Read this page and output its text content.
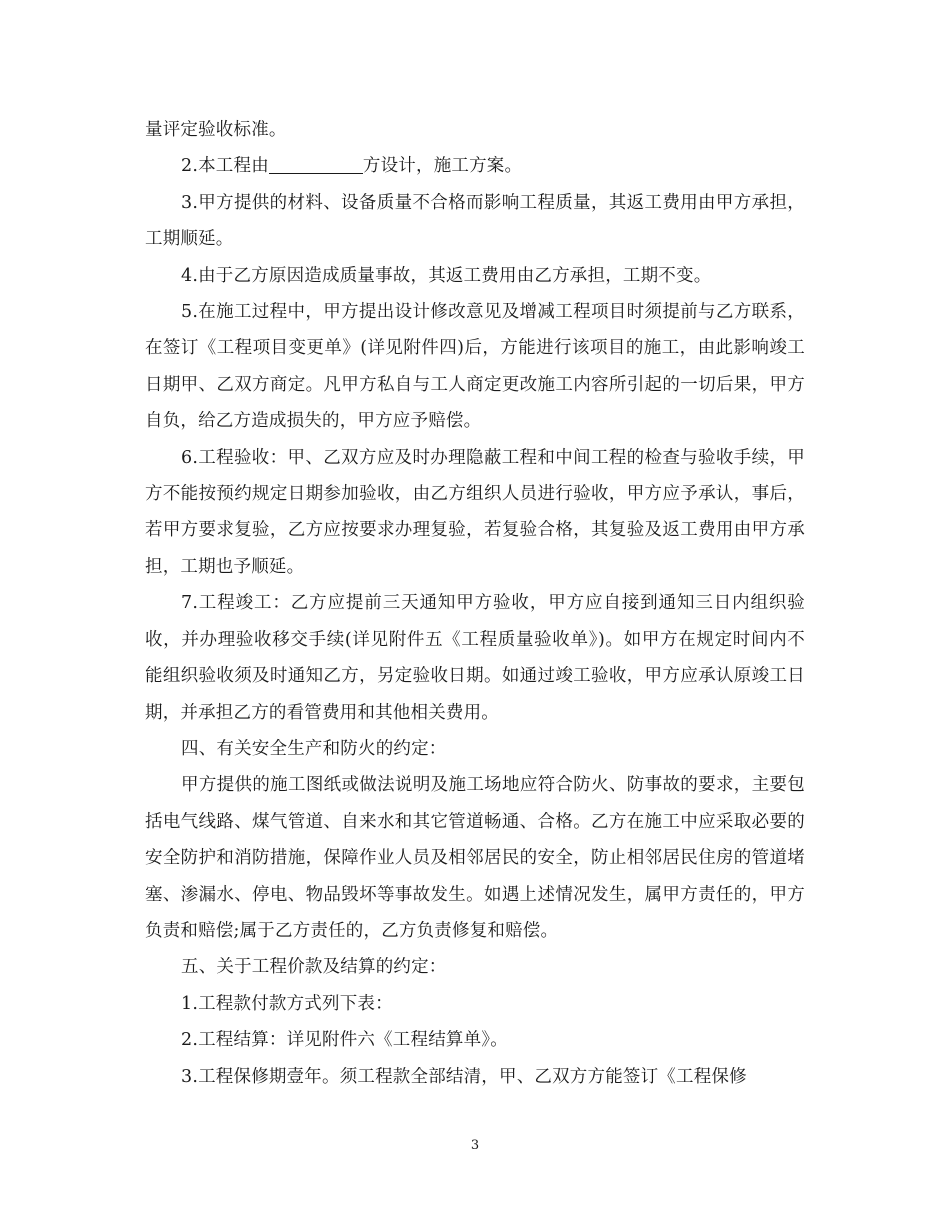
量评定验收标准。

2.本工程由	方设计，施工方案。

3.甲方提供的材料、设备质量不合格而影响工程质量，其返工费用由甲方承担，工期顺延。

4.由于乙方原因造成质量事故，其返工费用由乙方承担，工期不变。

5.在施工过程中，甲方提出设计修改意见及增减工程项目时须提前与乙方联系，在签订《工程项目变更单》(详见附件四)后，方能进行该项目的施工，由此影响竣工日期甲、乙双方商定。凡甲方私自与工人商定更改施工内容所引起的一切后果，甲方自负，给乙方造成损失的，甲方应予赔偿。

6.工程验收：甲、乙双方应及时办理隐蔽工程和中间工程的检查与验收手续，甲方不能按预约规定日期参加验收，由乙方组织人员进行验收，甲方应予承认，事后，若甲方要求复验，乙方应按要求办理复验，若复验合格，其复验及返工费用由甲方承担，工期也予顺延。

7.工程竣工：乙方应提前三天通知甲方验收，甲方应自接到通知三日内组织验收，并办理验收移交手续(详见附件五《工程质量验收单》)。如甲方在规定时间内不能组织验收须及时通知乙方，另定验收日期。如通过竣工验收，甲方应承认原竣工日期，并承担乙方的看管费用和其他相关费用。

四、有关安全生产和防火的约定：

甲方提供的施工图纸或做法说明及施工场地应符合防火、防事故的要求，主要包括电气线路、煤气管道、自来水和其它管道畅通、合格。乙方在施工中应采取必要的安全防护和消防措施，保障作业人员及相邻居民的安全，防止相邻居民住房的管道堵塞、渗漏水、停电、物品毁坏等事故发生。如遇上述情况发生，属甲方责任的，甲方负责和赔偿;属于乙方责任的，乙方负责修复和赔偿。

五、关于工程价款及结算的约定：

1.工程款付款方式列下表：

2.工程结算：详见附件六《工程结算单》。

3.工程保修期壹年。须工程款全部结清，甲、乙双方方能签订《工程保修

3
